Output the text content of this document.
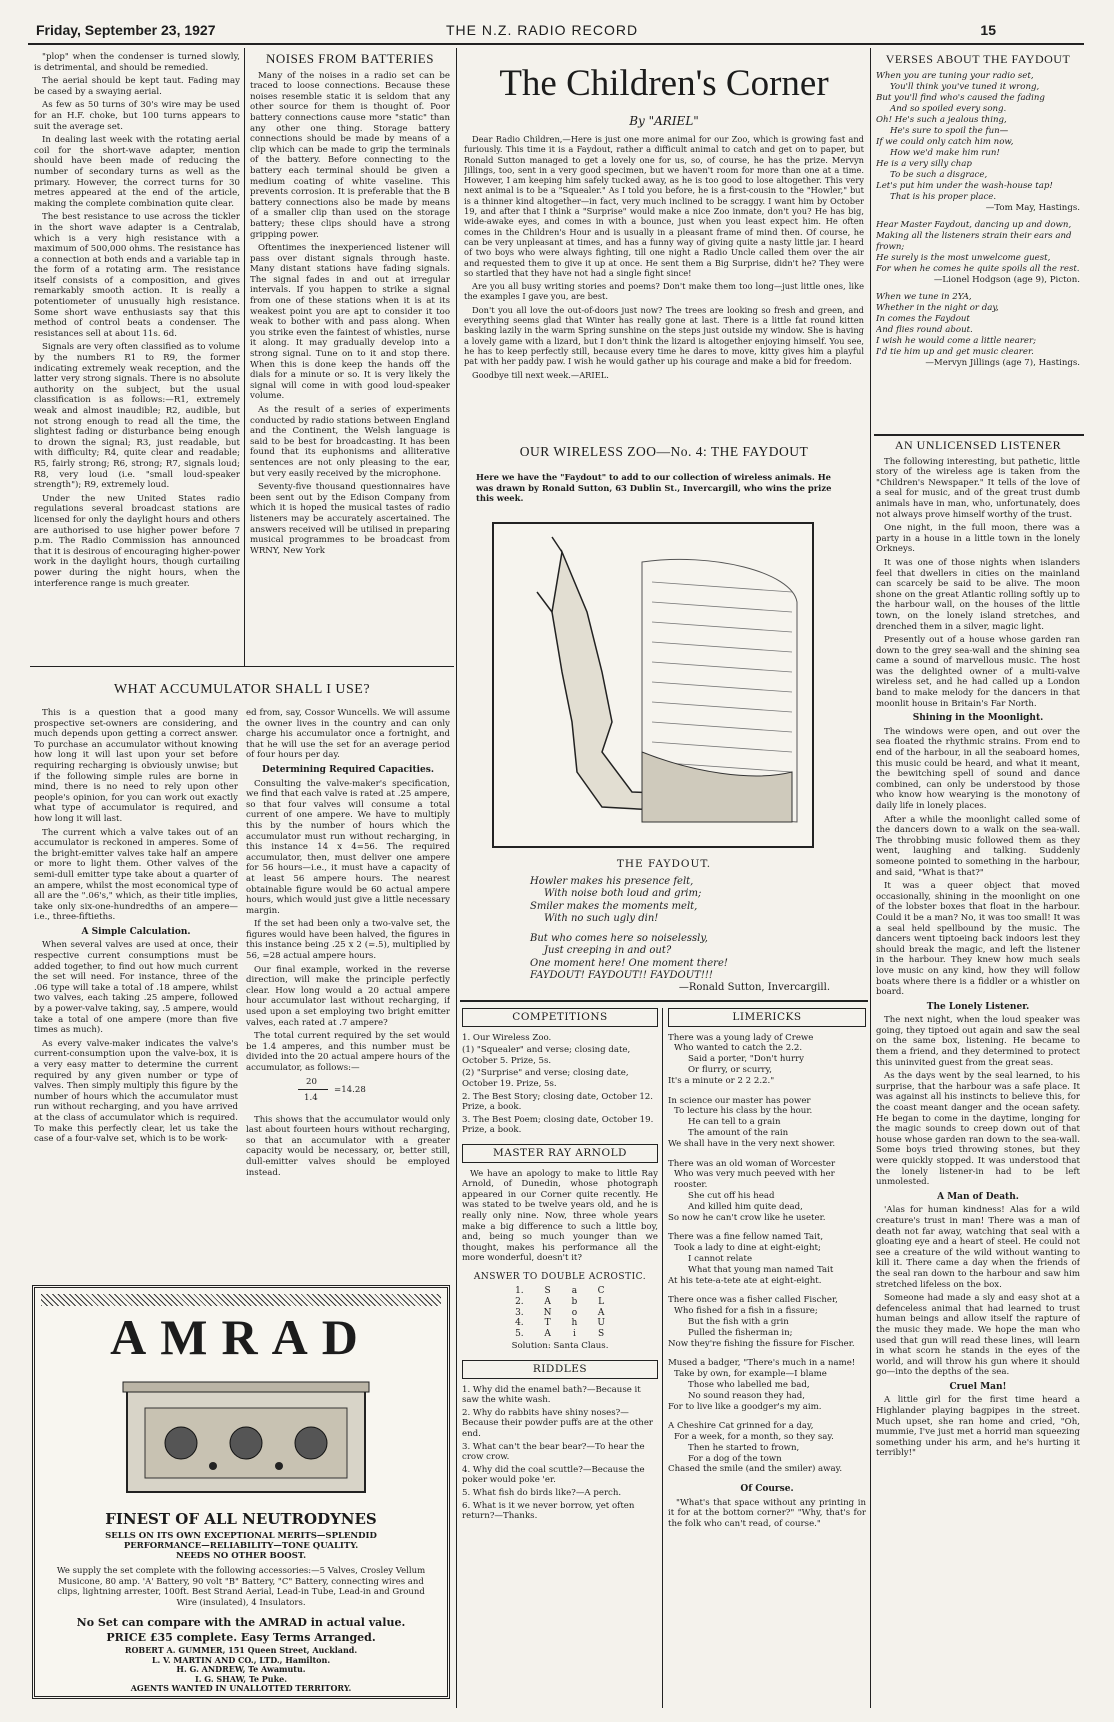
Friday, September 23, 1927	THE N.Z. RADIO RECORD	15

"plop" when the condenser is turned slowly, is detrimental, and should be remedied.

The aerial should be kept taut. Fading may be cased by a swaying aerial.

As few as 50 turns of 30's wire may be used for an H.F. choke, but 100 turns appears to suit the average set.

In dealing last week with the rotating aerial coil for the short-wave adapter, mention should have been made of reducing the number of secondary turns as well as the primary. However, the correct turns for 30 metres appeared at the end of the article, making the complete combination quite clear.

The best resistance to use across the tickler in the short wave adapter is a Centralab, which is a very high resistance with a maximum of 500,000 ohms. The resistance has a connection at both ends and a variable tap in the form of a rotating arm. The resistance itself consists of a composition, and gives remarkably smooth action. It is really a potentiometer of unusually high resistance. Some short wave enthusiasts say that this method of control beats a condenser. The resistances sell at about 11s. 6d.

Signals are very often classified as to volume by the numbers R1 to R9, the former indicating extremely weak reception, and the latter very strong signals. There is no absolute authority on the subject, but the usual classification is as follows:—R1, extremely weak and almost inaudible; R2, audible, but not strong enough to read all the time, the slightest fading or disturbance being enough to drown the signal; R3, just readable, but with difficulty; R4, quite clear and readable; R5, fairly strong; R6, strong; R7, signals loud; R8, very loud (i.e. "small loud-speaker strength"); R9, extremely loud.

Under the new United States radio regulations several broadcast stations are licensed for only the daylight hours and others are authorised to use higher power before 7 p.m. The Radio Commission has announced that it is desirous of encouraging higher-power work in the daylight hours, though curtailing power during the night hours, when the interference range is much greater.

NOISES FROM BATTERIES

Many of the noises in a radio set can be traced to loose connections. Because these noises resemble static it is seldom that any other source for them is thought of. Poor battery connections cause more "static" than any other one thing. Storage battery connections should be made by means of a clip which can be made to grip the terminals of the battery. Before connecting to the battery each terminal should be given a medium coating of white vaseline. This prevents corrosion. It is preferable that the B battery connections also be made by means of a smaller clip than used on the storage battery; these clips should have a strong gripping power.

Oftentimes the inexperienced listener will pass over distant signals through haste. Many distant stations have fading signals. The signal fades in and out at irregular intervals. If you happen to strike a signal from one of these stations when it is at its weakest point you are apt to consider it too weak to bother with and pass along. When you strike even the faintest of whistles, nurse it along. It may gradually develop into a strong signal. Tune on to it and stop there. When this is done keep the hands off the dials for a minute or so. It is very likely the signal will come in with good loud-speaker volume.

As the result of a series of experiments conducted by radio stations between England and the Continent, the Welsh language is said to be best for broadcasting. It has been found that its euphonisms and alliterative sentences are not only pleasing to the ear, but very easily received by the microphone.

Seventy-five thousand questionnaires have been sent out by the Edison Company from which it is hoped the musical tastes of radio listeners may be accurately ascertained. The answers received will be utilised in preparing musical programmes to be broadcast from WRNY, New York

WHAT ACCUMULATOR SHALL I USE?

This is a question that a good many prospective set-owners are considering, and much depends upon getting a correct answer. To purchase an accumulator without knowing how long it will last upon your set before requiring recharging is obviously unwise; but if the following simple rules are borne in mind, there is no need to rely upon other people's opinion, for you can work out exactly what type of accumulator is required, and how long it will last.

The current which a valve takes out of an accumulator is reckoned in amperes. Some of the bright-emitter valves take half an ampere or more to light them. Other valves of the semi-dull emitter type take about a quarter of an ampere, whilst the most economical type of all are the ".06's," which, as their title implies, take only six-one-hundredths of an ampere—i.e., three-fiftieths.

A Simple Calculation.

When several valves are used at once, their respective current consumptions must be added together, to find out how much current the set will need. For instance, three of the .06 type will take a total of .18 ampere, whilst two valves, each taking .25 ampere, followed by a power-valve taking, say, .5 ampere, would take a total of one ampere (more than five times as much).

As every valve-maker indicates the valve's current-consumption upon the valve-box, it is a very easy matter to determine the current required by any given number or type of valves. Then simply multiply this figure by the number of hours which the accumulator must run without recharging, and you have arrived at the class of accumulator which is required. To make this perfectly clear, let us take the case of a four-valve set, which is to be work-

ed from, say, Cossor Wuncells. We will assume the owner lives in the country and can only charge his accumulator once a fortnight, and that he will use the set for an average period of four hours per day.

Determining Required Capacities.

Consulting the valve-maker's specification, we find that each valve is rated at .25 ampere, so that four valves will consume a total current of one ampere. We have to multiply this by the number of hours which the accumulator must run without recharging, in this instance 14 x 4=56. The required accumulator, then, must deliver one ampere for 56 hours—i.e., it must have a capacity of at least 56 ampere hours. The nearest obtainable figure would be 60 actual ampere hours, which would just give a little necessary margin.

If the set had been only a two-valve set, the figures would have been halved, the figures in this instance being .25 x 2 (=.5), multiplied by 56, =28 actual ampere hours.

Our final example, worked in the reverse direction, will make the principle perfectly clear. How long would a 20 actual ampere hour accumulator last without recharging, if used upon a set employing two bright emitter valves, each rated at .7 ampere?

The total current required by the set would be 1.4 amperes, and this number must be divided into the 20 actual ampere hours of the accumulator, as follows:—

20
=14.28
1.4

This shows that the accumulator would only last about fourteen hours without recharging, so that an accumulator with a greater capacity would be necessary, or, better still, dull-emitter valves should be employed instead.

AMRAD
FINEST OF ALL NEUTRODYNES
SELLS ON ITS OWN EXCEPTIONAL MERITS—SPLENDID
PERFORMANCE—RELIABILITY—TONE QUALITY.
NEEDS NO OTHER BOOST.
We supply the set complete with the following accessories:—5 Valves, Crosley Vellum Musicone, 80 amp. 'A' Battery, 90 volt "B" Battery, "C" Battery, connecting wires and clips, lightning arrester, 100ft. Best Strand Aerial, Lead-in Tube, Lead-in and Ground Wire (insulated), 4 Insulators.
No Set can compare with the AMRAD in actual value.
PRICE £35 complete. Easy Terms Arranged.
ROBERT A. GUMMER, 151 Queen Street, Auckland.
L. V. MARTIN AND CO., LTD., Hamilton.
H. G. ANDREW, Te Awamutu.
I. G. SHAW, Te Puke.
AGENTS WANTED IN UNALLOTTED TERRITORY.
The Children's Corner
By "ARIEL"

Dear Radio Children,—Here is just one more animal for our Zoo, which is growing fast and furiously. This time it is a Faydout, rather a difficult animal to catch and get on to paper, but Ronald Sutton managed to get a lovely one for us, so, of course, he has the prize. Mervyn Jillings, too, sent in a very good specimen, but we haven't room for more than one at a time. However, I am keeping him safely tucked away, as he is too good to lose altogether. This very next animal is to be a "Squealer." As I told you before, he is a first-cousin to the "Howler," but is a thinner kind altogether—in fact, very much inclined to be scraggy. I want him by October 19, and after that I think a "Surprise" would make a nice Zoo inmate, don't you? He has big, wide-awake eyes, and comes in with a bounce, just when you least expect him. He often comes in the Children's Hour and is usually in a pleasant frame of mind then. Of course, he can be very unpleasant at times, and has a funny way of giving quite a nasty little jar. I heard of two boys who were always fighting, till one night a Radio Uncle called them over the air and requested them to give it up at once. He sent them a Big Surprise, didn't he? They were so startled that they have not had a single fight since!

Are you all busy writing stories and poems? Don't make them too long—just little ones, like the examples I gave you, are best.

Don't you all love the out-of-doors just now? The trees are looking so fresh and green, and everything seems glad that Winter has really gone at last. There is a little fat round kitten basking lazily in the warm Spring sunshine on the steps just outside my window. She is having a lovely game with a lizard, but I don't think the lizard is altogether enjoying himself. You see, he has to keep perfectly still, because every time he dares to move, kitty gives him a playful pat with her paddy paw. I wish he would gather up his courage and make a bid for freedom.

Goodbye till next week.—ARIEL.

OUR WIRELESS ZOO—No. 4: THE FAYDOUT
Here we have the "Faydout" to add to our collection of wireless animals. He was drawn by Ronald Sutton, 63 Dublin St., Invercargill, who wins the prize this week.
THE FAYDOUT.
Howler makes his presence felt,
With noise both loud and grim;
Smiler makes the moments melt,
With no such ugly din!
But who comes here so noiselessly,
Just creeping in and out?
One moment here! One moment there!
FAYDOUT! FAYDOUT!! FAYDOUT!!!
—Ronald Sutton, Invercargill.
COMPETITIONS
1. Our Wireless Zoo.
(1) "Squealer" and verse; closing date, October 5. Prize, 5s.
(2) "Surprise" and verse; closing date, October 19. Prize, 5s.
2. The Best Story; closing date, October 12. Prize, a book.
3. The Best Poem; closing date, October 19. Prize, a book.
MASTER RAY ARNOLD

We have an apology to make to little Ray Arnold, of Dunedin, whose photograph appeared in our Corner quite recently. He was stated to be twelve years old, and he is really only nine. Now, three whole years make a big difference to such a little boy, and, being so much younger than we thought, makes his performance all the more wonderful, doesn't it?

ANSWER TO DOUBLE ACROSTIC.
1.	S	a	C
2.	A	b	L
3.	N	o	A
4.	T	h	U
5.	A	i	S
Solution: Santa Claus.
RIDDLES
1. Why did the enamel bath?—Because it saw the white wash.
2. Why do rabbits have shiny noses?—Because their powder puffs are at the other end.
3. What can't the bear bear?—To hear the crow crow.
4. Why did the coal scuttle?—Because the poker would poke 'er.
5. What fish do birds like?—A perch.
6. What is it we never borrow, yet often return?—Thanks.
LIMERICKS
There was a young lady of Crewe
Who wanted to catch the 2.2.
Said a porter, "Don't hurry
Or flurry, or scurry,
It's a minute or 2 2 2.2."
In science our master has power
To lecture his class by the hour.
He can tell to a grain
The amount of the rain
We shall have in the very next shower.
There was an old woman of Worcester
Who was very much peeved with her rooster.
She cut off his head
And killed him quite dead,
So now he can't crow like he useter.
There was a fine fellow named Tait,
Took a lady to dine at eight-eight;
I cannot relate
What that young man named Tait
At his tete-a-tete ate at eight-eight.
There once was a fisher called Fischer,
Who fished for a fish in a fissure;
But the fish with a grin
Pulled the fisherman in;
Now they're fishing the fissure for Fischer.
Mused a badger, "There's much in a name!
Take by own, for example—I blame
Those who labelled me bad,
No sound reason they had,
For to live like a goodger's my aim.
A Cheshire Cat grinned for a day,
For a week, for a month, so they say.
Then he started to frown,
For a dog of the town
Chased the smile (and the smiler) away.
Of Course.

"What's that space without any printing in it for at the bottom corner?" "Why, that's for the folk who can't read, of course."

VERSES ABOUT THE FAYDOUT
When you are tuning your radio set,
You'll think you've tuned it wrong,
But you'll find who's caused the fading
And so spoiled every song.
Oh! He's such a jealous thing,
He's sure to spoil the fun—
If we could only catch him now,
How we'd make him run!
He is a very silly chap
To be such a disgrace,
Let's put him under the wash-house tap!
That is his proper place.
—Tom May, Hastings.
Hear Master Faydout, dancing up and down,
Making all the listeners strain their ears and frown;
He surely is the most unwelcome guest,
For when he comes he quite spoils all the rest.
—Lionel Hodgson (age 9), Picton.
When we tune in 2YA,
Whether in the night or day,
In comes the Faydout
And flies round about.
I wish he would come a little nearer;
I'd tie him up and get music clearer.
—Mervyn Jillings (age 7), Hastings.
AN UNLICENSED LISTENER

The following interesting, but pathetic, little story of the wireless age is taken from the "Children's Newspaper." It tells of the love of a seal for music, and of the great trust dumb animals have in man, who, unfortunately, does not always prove himself worthy of the trust.

One night, in the full moon, there was a party in a house in a little town in the lonely Orkneys.

It was one of those nights when islanders feel that dwellers in cities on the mainland can scarcely be said to be alive. The moon shone on the great Atlantic rolling softly up to the harbour wall, on the houses of the little town, on the lonely island stretches, and drenched them in a silver, magic light.

Presently out of a house whose garden ran down to the grey sea-wall and the shining sea came a sound of marvellous music. The host was the delighted owner of a multi-valve wireless set, and he had called up a London band to make melody for the dancers in that moonlit house in Britain's Far North.

Shining in the Moonlight.

The windows were open, and out over the sea floated the rhythmic strains. From end to end of the harbour, in all the seaboard homes, this music could be heard, and what it meant, the bewitching spell of sound and dance combined, can only be understood by those who know how wearying is the monotony of daily life in lonely places.

After a while the moonlight called some of the dancers down to a walk on the sea-wall. The throbbing music followed them as they went, laughing and talking. Suddenly someone pointed to something in the harbour, and said, "What is that?"

It was a queer object that moved occasionally, shining in the moonlight on one of the lobster boxes that float in the harbour. Could it be a man? No, it was too small! It was a seal held spellbound by the music. The dancers went tiptoeing back indoors lest they should break the magic, and left the listener in the harbour. They knew how much seals love music on any kind, how they will follow boats where there is a fiddler or a whistler on board.

The Lonely Listener.

The next night, when the loud speaker was going, they tiptoed out again and saw the seal on the same box, listening. He became to them a friend, and they determined to protect this uninvited guest from the great seas.

As the days went by the seal learned, to his surprise, that the harbour was a safe place. It was against all his instincts to believe this, for the coast meant danger and the ocean safety. He began to come in the daytime, longing for the magic sounds to creep down out of that house whose garden ran down to the sea-wall. Some boys tried throwing stones, but they were quickly stopped. It was understood that the lonely listener-in had to be left unmolested.

A Man of Death.

'Alas for human kindness! Alas for a wild creature's trust in man! There was a man of death not far away, watching that seal with a gloating eye and a heart of steel. He could not see a creature of the wild without wanting to kill it. There came a day when the friends of the seal ran down to the harbour and saw him stretched lifeless on the box.

Someone had made a sly and easy shot at a defenceless animal that had learned to trust human beings and allow itself the rapture of the music they made. We hope the man who used that gun will read these lines, will learn in what scorn he stands in the eyes of the world, and will throw his gun where it should go—into the depths of the sea.

Cruel Man!

A little girl for the first time heard a Highlander playing bagpipes in the street. Much upset, she ran home and cried, "Oh, mummie, I've just met a horrid man squeezing something under his arm, and he's hurting it terribly!"
